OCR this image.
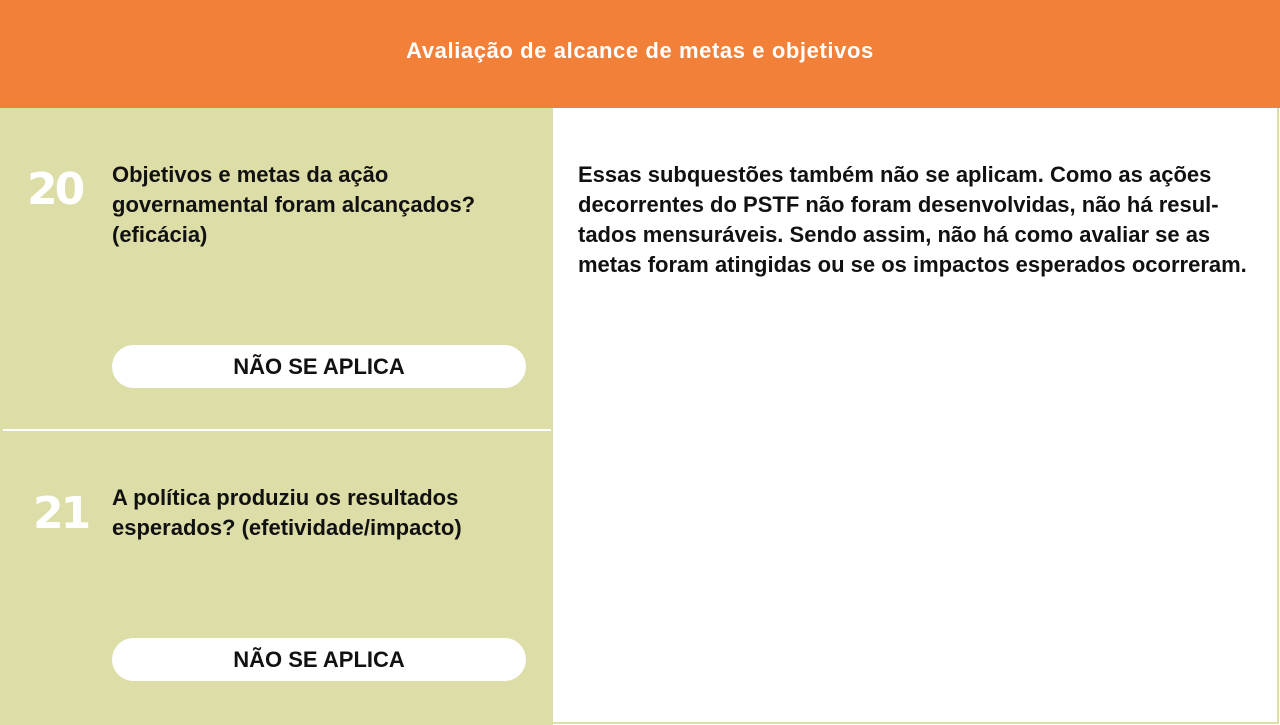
Avaliação de alcance de metas e objetivos
20 Objetivos e metas da ação governamental foram alcançados? (eficácia)
NÃO SE APLICA
21 A política produziu os resultados esperados? (efetividade/impacto)
NÃO SE APLICA
Essas subquestões também não se aplicam. Como as ações
decorrentes do PSTF não foram desenvolvidas, não há resul-
tados mensuráveis. Sendo assim, não há como avaliar se as
metas foram atingidas ou se os impactos esperados ocorreram.
